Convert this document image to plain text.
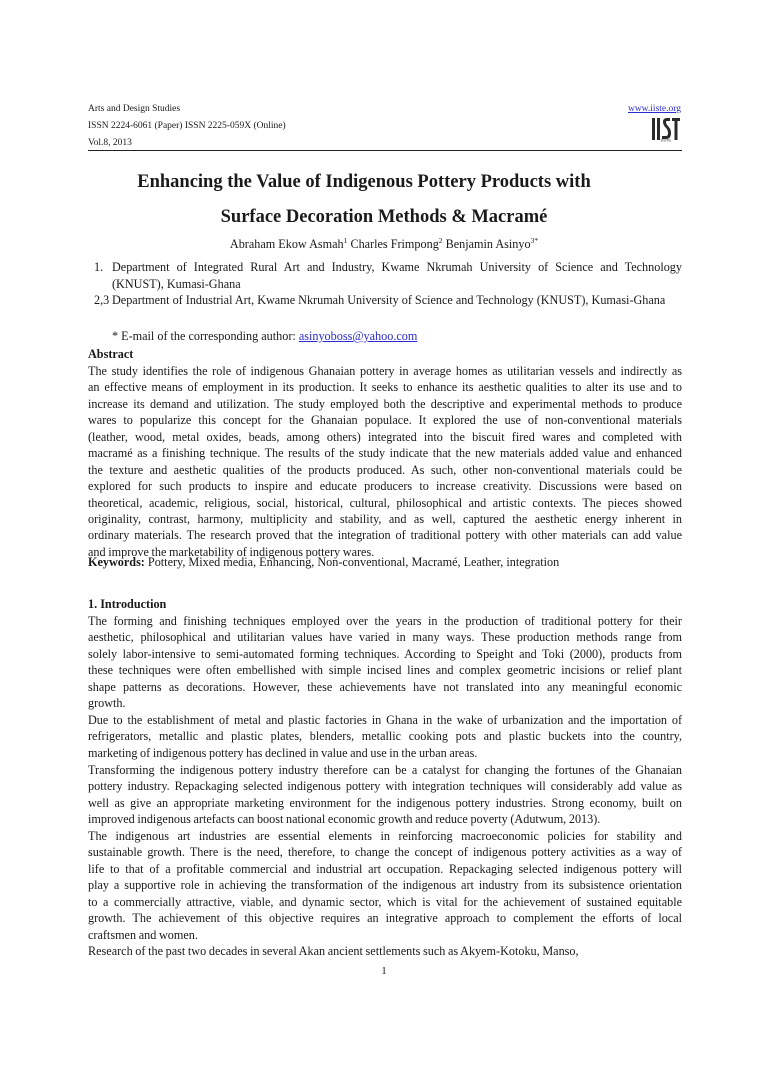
Arts and Design Studies
ISSN 2224-6061 (Paper) ISSN 2225-059X (Online)
Vol.8, 2013
www.iiste.org
IISTE
Enhancing the Value of Indigenous Pottery Products with
Surface Decoration Methods & Macramé
Abraham Ekow Asmah$^1$ Charles Frimpong$^2$ Benjamin Asinyo$^{3*}$
1. Department of Integrated Rural Art and Industry, Kwame Nkrumah University of Science and Technology (KNUST), Kumasi-Ghana
2,3 Department of Industrial Art, Kwame Nkrumah University of Science and Technology (KNUST), Kumasi-Ghana
* E-mail of the corresponding author: asinyoboss@yahoo.com
Abstract
The study identifies the role of indigenous Ghanaian pottery in average homes as utilitarian vessels and indirectly as
an effective means of employment in its production. It seeks to enhance its aesthetic qualities to alter its use and to
increase its demand and utilization. The study employed both the descriptive and experimental methods to produce
wares to popularize this concept for the Ghanaian populace. It explored the use of non-conventional materials
(leather, wood, metal oxides, beads, among others) integrated into the biscuit fired wares and completed with
macramé as a finishing technique. The results of the study indicate that the new materials added value and enhanced
the texture and aesthetic qualities of the products produced. As such, other non-conventional materials could be
explored for such products to inspire and educate producers to increase creativity. Discussions were based on
theoretical, academic, religious, social, historical, cultural, philosophical and artistic contexts. The pieces showed
originality, contrast, harmony, multiplicity and stability, and as well, captured the aesthetic energy inherent in
ordinary materials. The research proved that the integration of traditional pottery with other materials can add value
and improve the marketability of indigenous pottery wares.
Keywords: Pottery, Mixed media, Enhancing, Non-conventional, Macramé, Leather, integration
1. Introduction
The forming and finishing techniques employed over the years in the production of traditional pottery for their
aesthetic, philosophical and utilitarian values have varied in many ways. These production methods range from
solely labor-intensive to semi-automated forming techniques. According to Speight and Toki (2000), products from
these techniques were often embellished with simple incised lines and complex geometric incisions or relief plant
shape patterns as decorations. However, these achievements have not translated into any meaningful economic
growth.
Due to the establishment of metal and plastic factories in Ghana in the wake of urbanization and the importation of
refrigerators, metallic and plastic plates, blenders, metallic cooking pots and plastic buckets into the country,
marketing of indigenous pottery has declined in value and use in the urban areas.
Transforming the indigenous pottery industry therefore can be a catalyst for changing the fortunes of the Ghanaian
pottery industry. Repackaging selected indigenous pottery with integration techniques will considerably add value as
well as give an appropriate marketing environment for the indigenous pottery industries. Strong economy, built on
improved indigenous artefacts can boost national economic growth and reduce poverty (Adutwum, 2013).
The indigenous art industries are essential elements in reinforcing macroeconomic policies for stability and
sustainable growth. There is the need, therefore, to change the concept of indigenous pottery activities as a way of
life to that of a profitable commercial and industrial art occupation. Repackaging selected indigenous pottery will
play a supportive role in achieving the transformation of the indigenous art industry from its subsistence orientation
to a commercially attractive, viable, and dynamic sector, which is vital for the achievement of sustained equitable
growth. The achievement of this objective requires an integrative approach to complement the efforts of local
craftsmen and women.
Research of the past two decades in several Akan ancient settlements such as Akyem-Kotoku, Manso,
1
